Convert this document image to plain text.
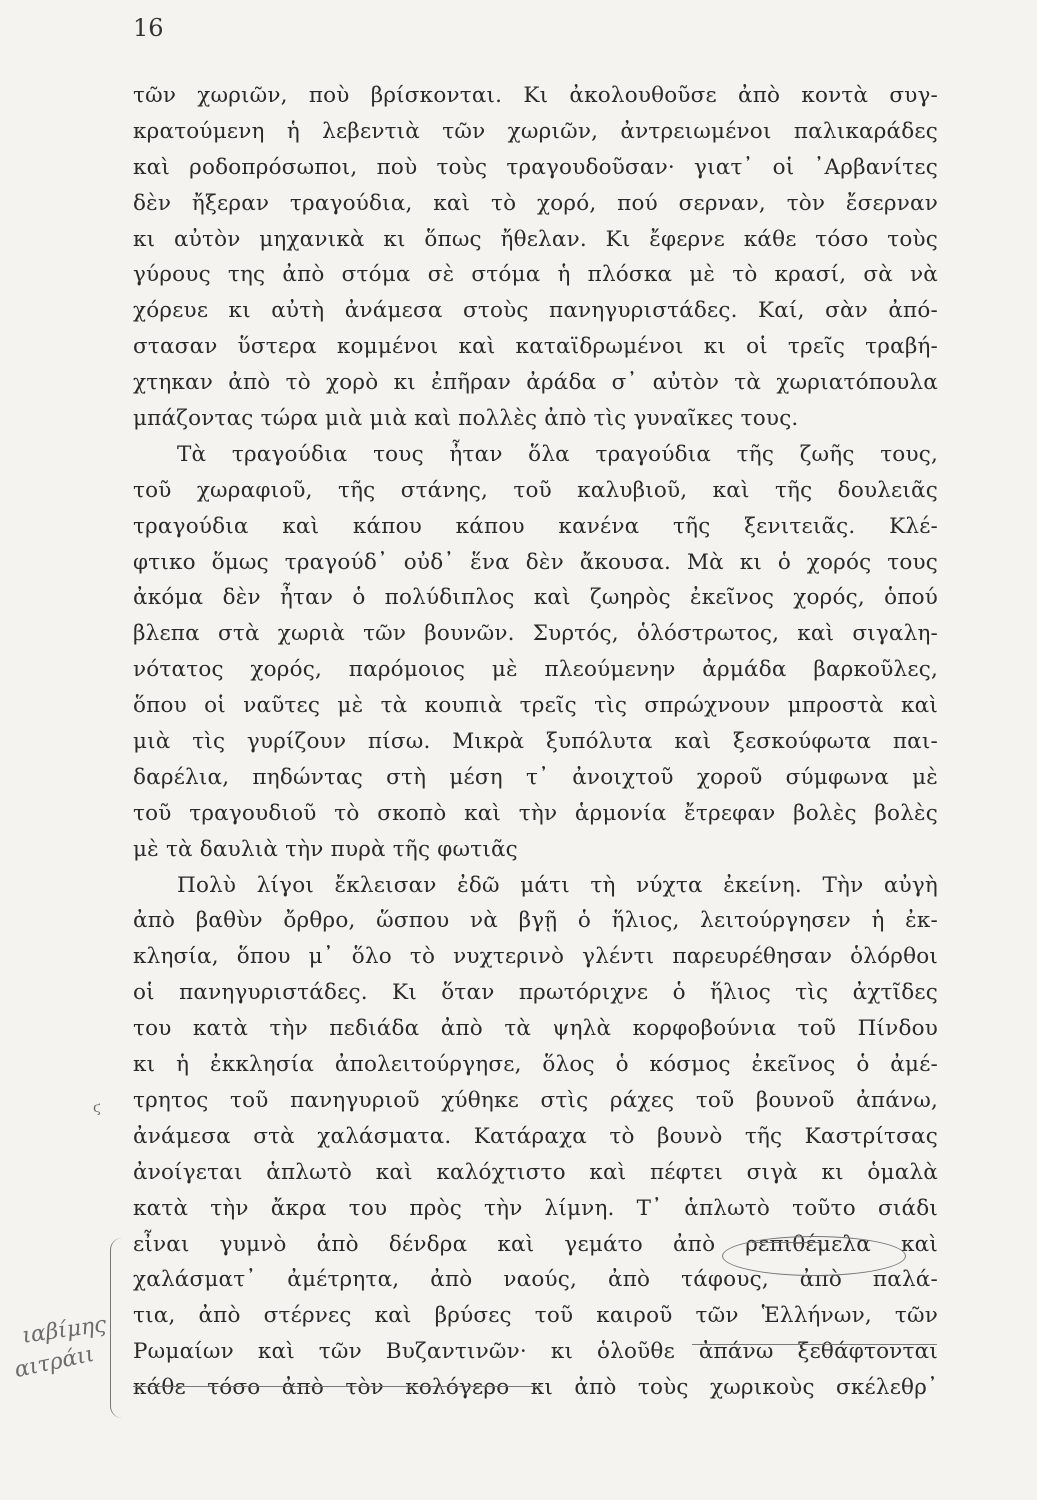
16
τῶν χωριῶν, ποὺ βρίσκονται. Κι ἀκολουθοῦσε ἀπὸ κοντὰ συγ-
κρατούμενη ἡ λεβεντιὰ τῶν χωριῶν, ἀντρειωμένοι παλικαράδες
καὶ ροδοπρόσωποι, ποὺ τοὺς τραγουδοῦσαν· γιατ᾽ οἱ ᾽Αρβανίτες
δὲν ἤξεραν τραγούδια, καὶ τὸ χορό, πού σερναν, τὸν ἔσερναν
κι αὐτὸν μηχανικὰ κι ὅπως ἤθελαν. Κι ἔφερνε κάθε τόσο τοὺς
γύρους της ἀπὸ στόμα σὲ στόμα ἡ πλόσκα μὲ τὸ κρασί, σὰ νὰ
χόρευε κι αὐτὴ ἀνάμεσα στοὺς πανηγυριστάδες. Καί, σὰν ἀπό-
στασαν ὕστερα κομμένοι καὶ καταϊδρωμένοι κι οἱ τρεῖς τραβή-
χτηκαν ἀπὸ τὸ χορὸ κι ἐπῆραν ἀράδα σ᾽ αὐτὸν τὰ χωριατόπουλα
μπάζοντας τώρα μιὰ μιὰ καὶ πολλὲς ἀπὸ τὶς γυναῖκες τους.
Τὰ τραγούδια τους ἦταν ὅλα τραγούδια τῆς ζωῆς τους,
τοῦ χωραφιοῦ, τῆς στάνης, τοῦ καλυβιοῦ, καὶ τῆς δουλειᾶς
τραγούδια καὶ κάπου κάπου κανένα τῆς ξενιτειᾶς. Κλέ-
φτικο ὅμως τραγούδ᾽ οὐδ᾽ ἕνα δὲν ἄκουσα. Μὰ κι ὁ χορός τους
ἀκόμα δὲν ἦταν ὁ πολύδιπλος καὶ ζωηρὸς ἐκεῖνος χορός, ὁπού
βλεπα στὰ χωριὰ τῶν βουνῶν. Συρτός, ὁλόστρωτος, καὶ σιγαλη-
νότατος χορός, παρόμοιος μὲ πλεούμενην ἀρμάδα βαρκοῦλες,
ὅπου οἱ ναῦτες μὲ τὰ κουπιὰ τρεῖς τὶς σπρώχνουν μπροστὰ καὶ
μιὰ τὶς γυρίζουν πίσω. Μικρὰ ξυπόλυτα καὶ ξεσκούφωτα παι-
δαρέλια, πηδώντας στὴ μέση τ᾽ ἀνοιχτοῦ χοροῦ σύμφωνα μὲ
τοῦ τραγουδιοῦ τὸ σκοπὸ καὶ τὴν ἁρμονία ἔτρεφαν βολὲς βολὲς
μὲ τὰ δαυλιὰ τὴν πυρὰ τῆς φωτιᾶς
Πολὺ λίγοι ἔκλεισαν ἐδῶ μάτι τὴ νύχτα ἐκείνη. Τὴν αὐγὴ
ἀπὸ βαθὺν ὄρθρο, ὥσπου νὰ βγῇ ὁ ἥλιος, λειτούργησεν ἡ ἐκ-
κλησία, ὅπου μ᾽ ὅλο τὸ νυχτερινὸ γλέντι παρευρέθησαν ὁλόρθοι
οἱ πανηγυριστάδες. Κι ὅταν πρωτόριχνε ὁ ἥλιος τὶς ἀχτῖδες
του κατὰ τὴν πεδιάδα ἀπὸ τὰ ψηλὰ κορφοβούνια τοῦ Πίνδου
κι ἡ ἐκκλησία ἀπολειτούργησε, ὅλος ὁ κόσμος ἐκεῖνος ὁ ἀμέ-
τρητος τοῦ πανηγυριοῦ χύθηκε στὶς ράχες τοῦ βουνοῦ ἀπάνω,
ἀνάμεσα στὰ χαλάσματα. Κατάραχα τὸ βουνὸ τῆς Καστρίτσας
ἀνοίγεται ἁπλωτὸ καὶ καλόχτιστο καὶ πέφτει σιγὰ κι ὁμαλὰ
κατὰ τὴν ἄκρα του πρὸς τὴν λίμνη. Τ᾽ ἁπλωτὸ τοῦτο σιάδι
εἶναι γυμνὸ ἀπὸ δένδρα καὶ γεμάτο ἀπὸ ρεπιθέμελα καὶ
χαλάσματ᾽ ἀμέτρητα, ἀπὸ ναούς, ἀπὸ τάφους, ἀπὸ παλά-
τια, ἀπὸ στέρνες καὶ βρύσες τοῦ καιροῦ τῶν Ἑλλήνων, τῶν
Ρωμαίων καὶ τῶν Βυζαντινῶν· κι ὁλοῦθε ἀπάνω ξεθάφτονται
κάθε τόσο ἀπὸ τὸν κολόγερο κι ἀπὸ τοὺς χωρικοὺς σκέλεθρ᾽
ϛ
ιαβίμης
αιτράιι
